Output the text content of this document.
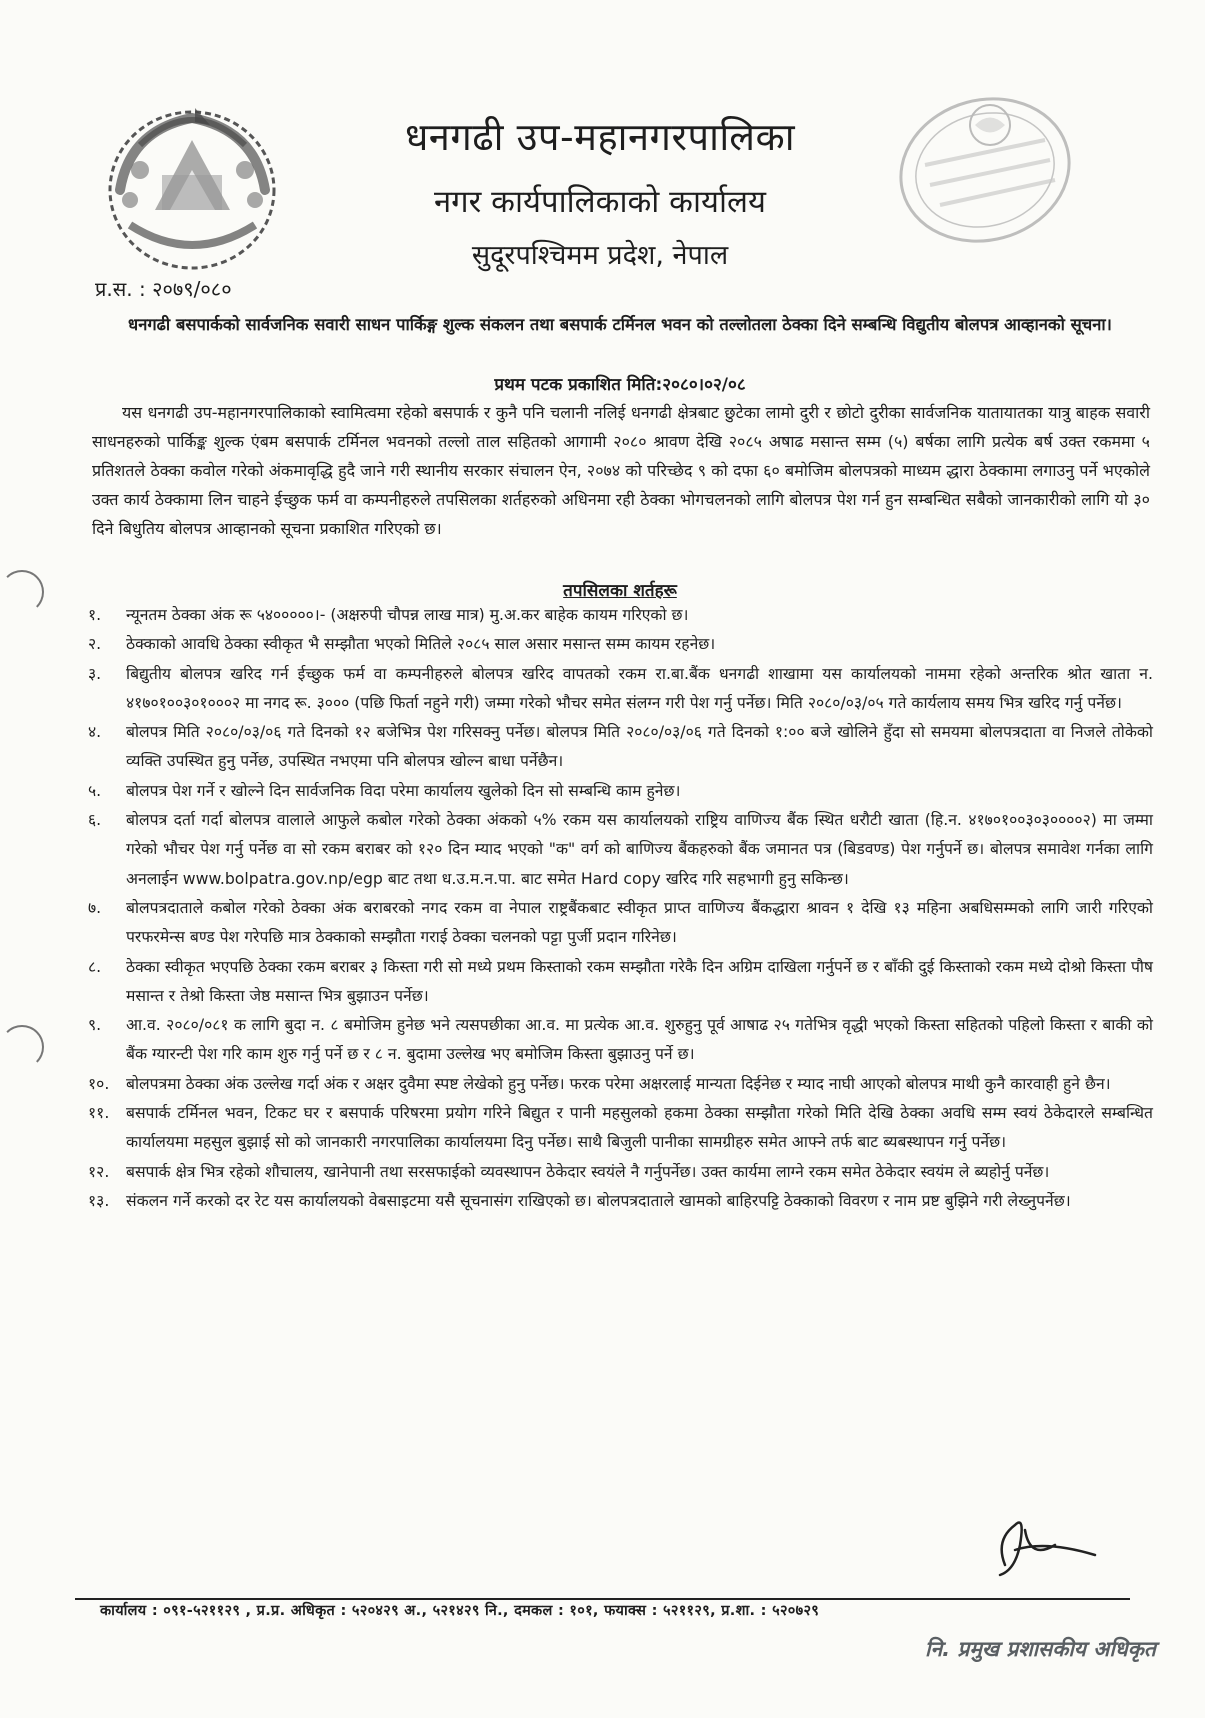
धनगढी उप-महानगरपालिका
नगर कार्यपालिकाको कार्यालय
सुदूरपश्चिमम प्रदेश, नेपाल
प्र.स. : २०७९/०८०
धनगढी बसपार्कको सार्वजनिक सवारी साधन पार्किङ्ग शुल्क संकलन तथा बसपार्क टर्मिनल भवन को तल्लोतला ठेक्का दिने सम्बन्धि विद्युतीय बोलपत्र आव्हानको सूचना।
प्रथम पटक प्रकाशित मिति:२०८०।०२/०८
यस धनगढी उप-महानगरपालिकाको स्वामित्वमा रहेको बसपार्क र कुनै पनि चलानी नलिई धनगढी क्षेत्रबाट छुटेका लामो दुरी र छोटो दुरीका सार्वजनिक यातायातका यात्रु बाहक सवारी साधनहरुको पार्किङ्क शुल्क एंबम बसपार्क टर्मिनल भवनको तल्लो ताल सहितको आगामी २०८० श्रावण देखि २०८५ अषाढ मसान्त सम्म (५) बर्षका लागि प्रत्येक बर्ष उक्त रकममा ५ प्रतिशतले ठेक्का कवोल गरेको अंकमावृद्धि हुदै जाने गरी स्थानीय सरकार संचालन ऐन, २०७४ को परिच्छेद ९ को दफा ६० बमोजिम बोलपत्रको माध्यम द्धारा ठेक्कामा लगाउनु पर्ने भएकोले उक्त कार्य ठेक्कामा लिन चाहने ईच्छुक फर्म वा कम्पनीहरुले तपसिलका शर्तहरुको अधिनमा रही ठेक्का भोगचलनको लागि बोलपत्र पेश गर्न हुन सम्बन्धित सबैको जानकारीको लागि यो ३० दिने बिधुतिय बोलपत्र आव्हानको सूचना प्रकाशित गरिएको छ।
तपसिलका शर्तहरू
१.	न्यूनतम ठेक्का अंक रू ५४०००००।- (अक्षरुपी चौपन्न लाख मात्र) मु.अ.कर बाहेक कायम गरिएको छ।
२.	ठेक्काको आवधि ठेक्का स्वीकृत भै सम्झौता भएको मितिले २०८५ साल असार मसान्त सम्म कायम रहनेछ।
३.	बिद्युतीय बोलपत्र खरिद गर्न ईच्छुक फर्म वा कम्पनीहरुले बोलपत्र खरिद वापतको रकम रा.बा.बैंक धनगढी शाखामा यस कार्यालयको नाममा रहेको अन्तरिक श्रोत खाता न. ४१७०१००३०१०००२ मा नगद रू. ३००० (पछि फिर्ता नहुने गरी) जम्मा गरेको भौचर समेत संलग्न गरी पेश गर्नु पर्नेछ। मिति २०८०/०३/०५ गते कार्यलाय समय भित्र खरिद गर्नु पर्नेछ।
४.	बोलपत्र मिति २०८०/०३/०६ गते दिनको १२ बजेभित्र पेश गरिसक्नु पर्नेछ। बोलपत्र मिति २०८०/०३/०६ गते दिनको १:०० बजे खोलिने हुँदा सो समयमा बोलपत्रदाता वा निजले तोकेको व्यक्ति उपस्थित हुनु पर्नेछ, उपस्थित नभएमा पनि बोलपत्र खोल्न बाधा पर्नेछैन।
५.	बोलपत्र पेश गर्ने र खोल्ने दिन सार्वजनिक विदा परेमा कार्यालय खुलेको दिन सो सम्बन्धि काम हुनेछ।
६.	बोलपत्र दर्ता गर्दा बोलपत्र वालाले आफुले कबोल गरेको ठेक्का अंकको ५% रकम यस कार्यालयको राष्ट्रिय वाणिज्य बैंक स्थित धरौटी खाता (हि.न. ४१७०१००३०३००००२) मा जम्मा गरेको भौचर पेश गर्नु पर्नेछ वा सो रकम बराबर को १२० दिन म्याद भएको "क" वर्ग को बाणिज्य बैंकहरुको बैंक जमानत पत्र (बिडवण्ड) पेश गर्नुपर्ने छ। बोलपत्र समावेश गर्नका लागि अनलाईन www.bolpatra.gov.np/egp बाट तथा ध.उ.म.न.पा. बाट समेत Hard copy खरिद गरि सहभागी हुनु सकिन्छ।
७.	बोलपत्रदाताले कबोल गरेको ठेक्का अंक बराबरको नगद रकम वा नेपाल राष्ट्रबैंकबाट स्वीकृत प्राप्त वाणिज्य बैंकद्धारा श्रावन १ देखि १३ महिना अबधिसम्मको लागि जारी गरिएको परफरमेन्स बण्ड पेश गरेपछि मात्र ठेक्काको सम्झौता गराई ठेक्का चलनको पट्टा पुर्जी प्रदान गरिनेछ।
८.	ठेक्का स्वीकृत भएपछि ठेक्का रकम बराबर ३ किस्ता गरी सो मध्ये प्रथम किस्ताको रकम सम्झौता गरेकै दिन अग्रिम दाखिला गर्नुपर्ने छ र बाँकी दुई किस्ताको रकम मध्ये दोश्रो किस्ता पौष मसान्त र तेश्रो किस्ता जेष्ठ मसान्त भित्र बुझाउन पर्नेछ।
९.	आ.व. २०८०/०८१ क लागि बुदा न. ८ बमोजिम हुनेछ भने त्यसपछीका आ.व. मा प्रत्येक आ.व. शुरुहुनु पूर्व आषाढ २५ गतेभित्र वृद्धी भएको किस्ता सहितको पहिलो किस्ता र बाकी को बैंक ग्यारन्टी पेश गरि काम शुरु गर्नु पर्ने छ र ८ न. बुदामा उल्लेख भए बमोजिम किस्ता बुझाउनु पर्ने छ।
१०.	बोलपत्रमा ठेक्का अंक उल्लेख गर्दा अंक र अक्षर दुवैमा स्पष्ट लेखेको हुनु पर्नेछ। फरक परेमा अक्षरलाई मान्यता दिईनेछ र म्याद नाघी आएको बोलपत्र माथी कुनै कारवाही हुने छैन।
११.	बसपार्क टर्मिनल भवन, टिकट घर र बसपार्क परिषरमा प्रयोग गरिने बिद्युत र पानी महसुलको हकमा ठेक्का सम्झौता गरेको मिति देखि ठेक्का अवधि सम्म स्वयं ठेकेदारले सम्बन्धित कार्यालयमा महसुल बुझाई सो को जानकारी नगरपालिका कार्यालयमा दिनु पर्नेछ। साथै बिजुली पानीका सामग्रीहरु समेत आफ्ने तर्फ बाट ब्यबस्थापन गर्नु पर्नेछ।
१२.	बसपार्क क्षेत्र भित्र रहेको शौचालय, खानेपानी तथा सरसफाईको व्यवस्थापन ठेकेदार स्वयंले नै गर्नुपर्नेछ। उक्त कार्यमा लाग्ने रकम समेत ठेकेदार स्वयंम ले ब्यहोर्नु पर्नेछ।
१३.	संकलन गर्ने करको दर रेट यस कार्यालयको वेबसाइटमा यसै सूचनासंग राखिएको छ। बोलपत्रदाताले खामको बाहिरपट्टि ठेक्काको विवरण र नाम प्रष्ट बुझिने गरी लेख्नुपर्नेछ।
कार्यालय : ०९१-५२११२९ , प्र.प्र. अधिकृत : ५२०४२९ अ., ५२१४२९ नि., दमकल : १०१, फयाक्स : ५२११२९, प्र.शा. : ५२०७२९
नि. प्रमुख प्रशासकीय अधिकृत
